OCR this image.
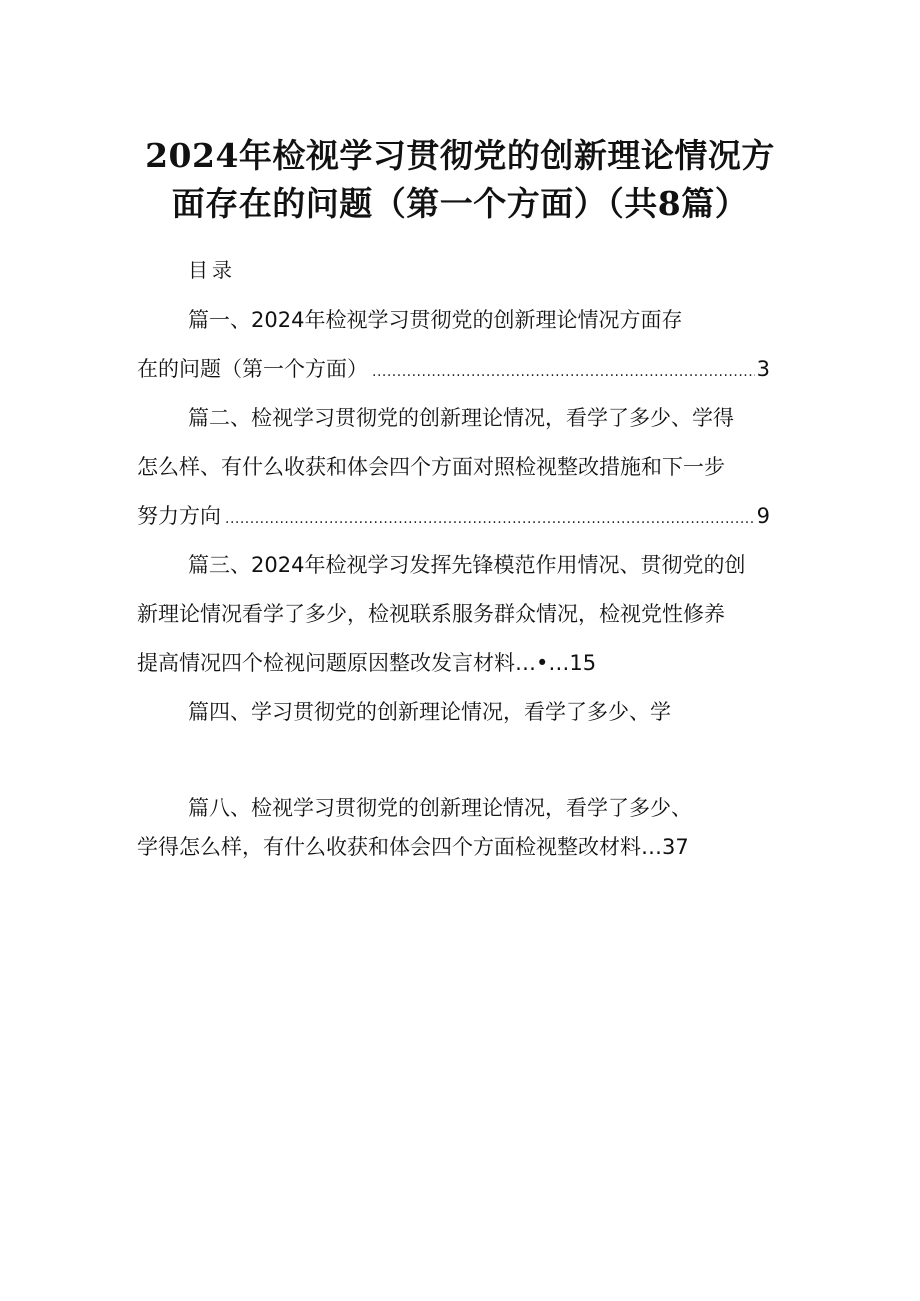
2024年检视学习贯彻党的创新理论情况方
面存在的问题（第一个方面）（共8篇）

目录

篇一、2024年检视学习贯彻党的创新理论情况方面存

在的问题（第一个方面） .....	3

篇二、检视学习贯彻党的创新理论情况，看学了多少、学得

怎么样、有什么收获和体会四个方面对照检视整改措施和下一步

努力方向 .....	9

篇三、2024年检视学习发挥先锋模范作用情况、贯彻党的创

新理论情况看学了多少，检视联系服务群众情况，检视党性修养

提高情况四个检视问题原因整改发言材料…•…15

篇四、学习贯彻党的创新理论情况，看学了多少、学

篇八、检视学习贯彻党的创新理论情况，看学了多少、

学得怎么样，有什么收获和体会四个方面检视整改材料…37
